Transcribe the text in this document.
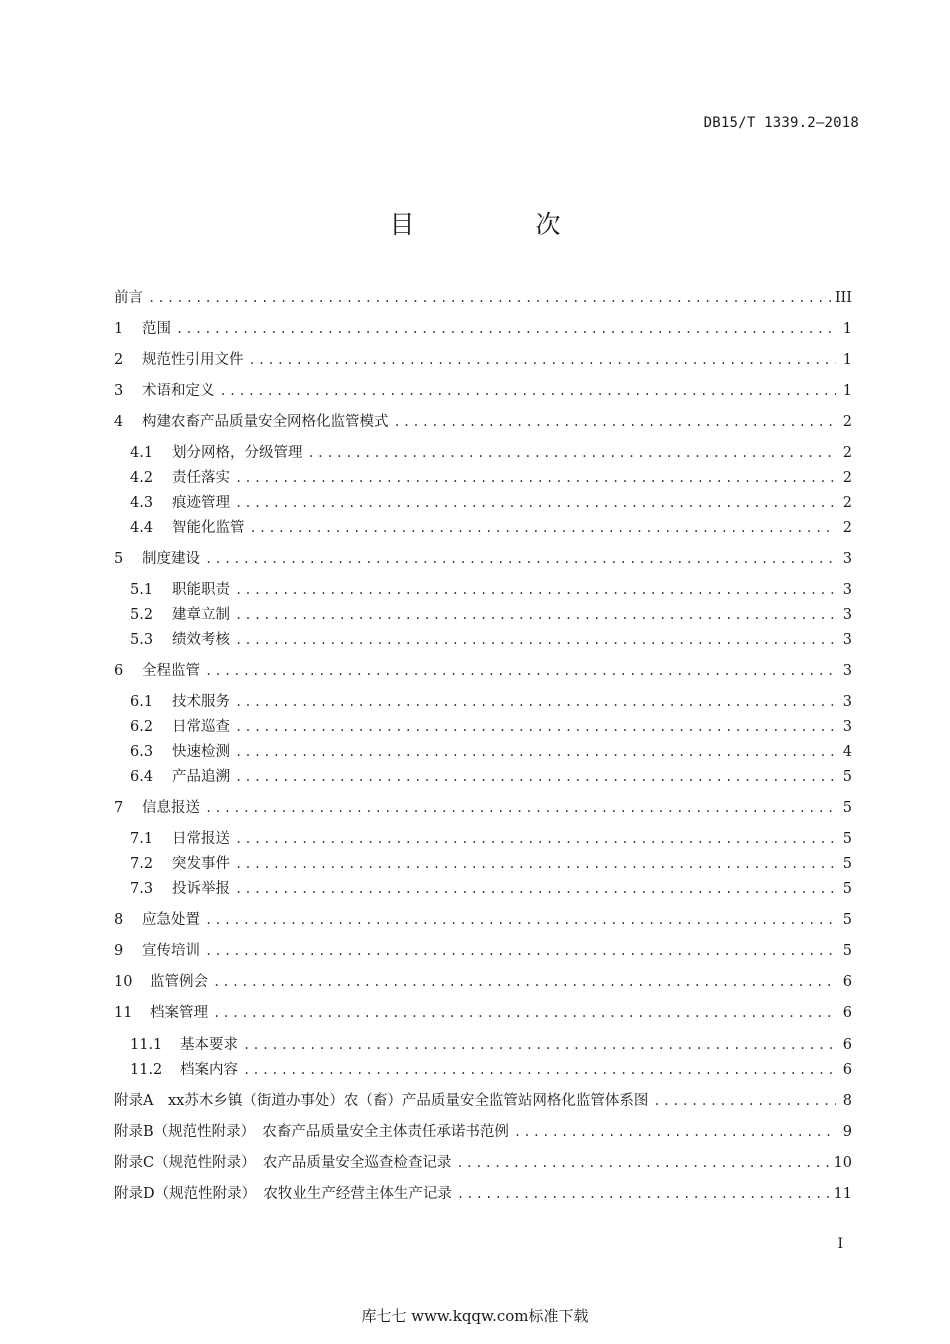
DB15/T 1339.2—2018
目　次
前言 .....	III
1	范围 .....	1
2	规范性引用文件 .....	1
3	术语和定义 .....	1
4	构建农畜产品质量安全网格化监管模式 .....	2
4.1	划分网格，分级管理 .....	2
4.2	责任落实 .....	2
4.3	痕迹管理 .....	2
4.4	智能化监管 .....	2
5	制度建设 .....	3
5.1	职能职责 .....	3
5.2	建章立制 .....	3
5.3	绩效考核 .....	3
6	全程监管 .....	3
6.1	技术服务 .....	3
6.2	日常巡查 .....	3
6.3	快速检测 .....	4
6.4	产品追溯 .....	5
7	信息报送 .....	5
7.1	日常报送 .....	5
7.2	突发事件 .....	5
7.3	投诉举报 .....	5
8	应急处置 .....	5
9	宣传培训 .....	5
10	监管例会 .....	6
11	档案管理 .....	6
11.1	基本要求 .....	6
11.2	档案内容 .....	6
附录A　xx苏木乡镇（街道办事处）农（畜）产品质量安全监管站网格化监管体系图 .....	8
附录B（规范性附录）　农畜产品质量安全主体责任承诺书范例 .....	9
附录C（规范性附录）　农产品质量安全巡查检查记录 .....	10
附录D（规范性附录）　农牧业生产经营主体生产记录 .....	11
I
库七七 www.kqqw.com标准下载
